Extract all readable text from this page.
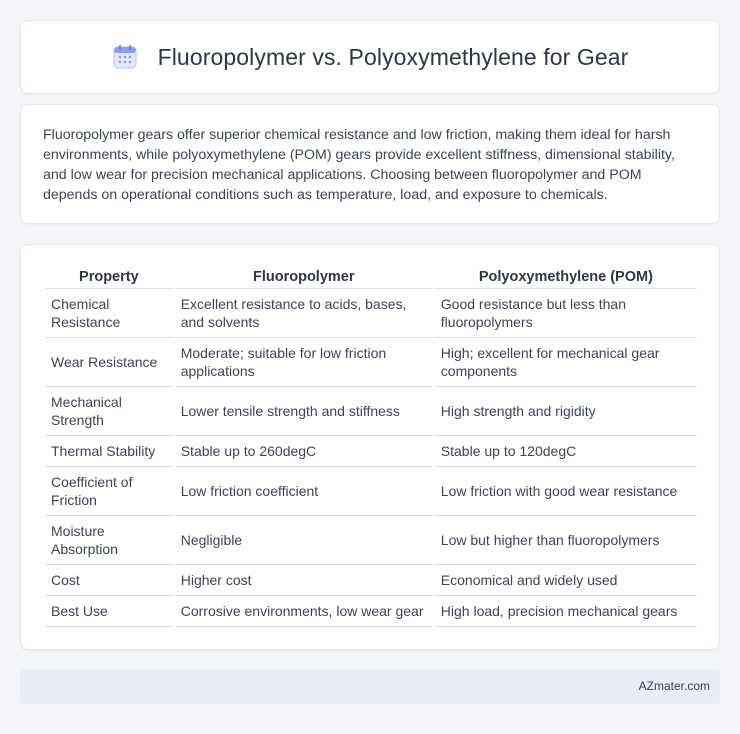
Fluoropolymer vs. Polyoxymethylene for Gear

Fluoropolymer gears offer superior chemical resistance and low friction, making them ideal for harsh environments, while polyoxymethylene (POM) gears provide excellent stiffness, dimensional stability, and low wear for precision mechanical applications. Choosing between fluoropolymer and POM depends on operational conditions such as temperature, load, and exposure to chemicals.

Property	Fluoropolymer	Polyoxymethylene (POM)
Chemical Resistance	Excellent resistance to acids, bases, and solvents	Good resistance but less than fluoropolymers
Wear Resistance	Moderate; suitable for low friction applications	High; excellent for mechanical gear components
Mechanical Strength	Lower tensile strength and stiffness	High strength and rigidity
Thermal Stability	Stable up to 260degC	Stable up to 120degC
Coefficient of Friction	Low friction coefficient	Low friction with good wear resistance
Moisture Absorption	Negligible	Low but higher than fluoropolymers
Cost	Higher cost	Economical and widely used
Best Use	Corrosive environments, low wear gear	High load, precision mechanical gears
AZmater.com
